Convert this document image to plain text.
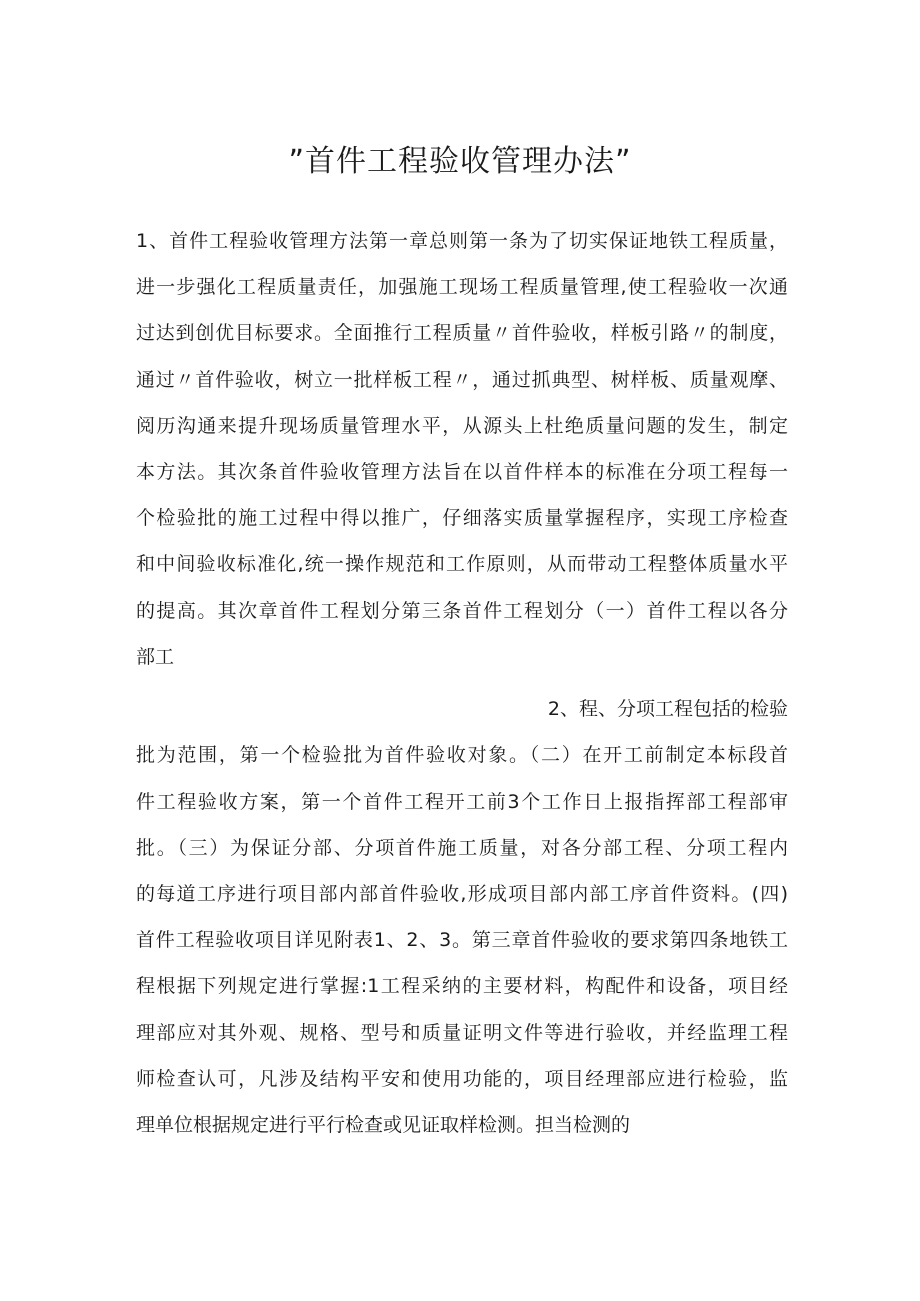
”首件工程验收管理办法”

1、首件工程验收管理方法第一章总则第一条为了切实保证地铁工程质量，

进一步强化工程质量责任，加强施工现场工程质量管理,使工程验收一次通

过达到创优目标要求。全面推行工程质量〃首件验收，样板引路〃的制度，

通过〃首件验收，树立一批样板工程〃，通过抓典型、树样板、质量观摩、

阅历沟通来提升现场质量管理水平，从源头上杜绝质量问题的发生，制定

本方法。其次条首件验收管理方法旨在以首件样本的标准在分项工程每一

个检验批的施工过程中得以推广，仔细落实质量掌握程序，实现工序检查

和中间验收标准化,统一操作规范和工作原则，从而带动工程整体质量水平

的提高。其次章首件工程划分第三条首件工程划分（一）首件工程以各分

部工

2、程、分项工程包括的检验

批为范围，第一个检验批为首件验收对象。（二）在开工前制定本标段首

件工程验收方案，第一个首件工程开工前3个工作日上报指挥部工程部审

批。（三）为保证分部、分项首件施工质量，对各分部工程、分项工程内

的每道工序进行项目部内部首件验收,形成项目部内部工序首件资料。(四)

首件工程验收项目详见附表1、2、3。第三章首件验收的要求第四条地铁工

程根据下列规定进行掌握:1工程采纳的主要材料，构配件和设备，项目经

理部应对其外观、规格、型号和质量证明文件等进行验收，并经监理工程

师检查认可，凡涉及结构平安和使用功能的，项目经理部应进行检验，监

理单位根据规定进行平行检查或见证取样检测。担当检测的
